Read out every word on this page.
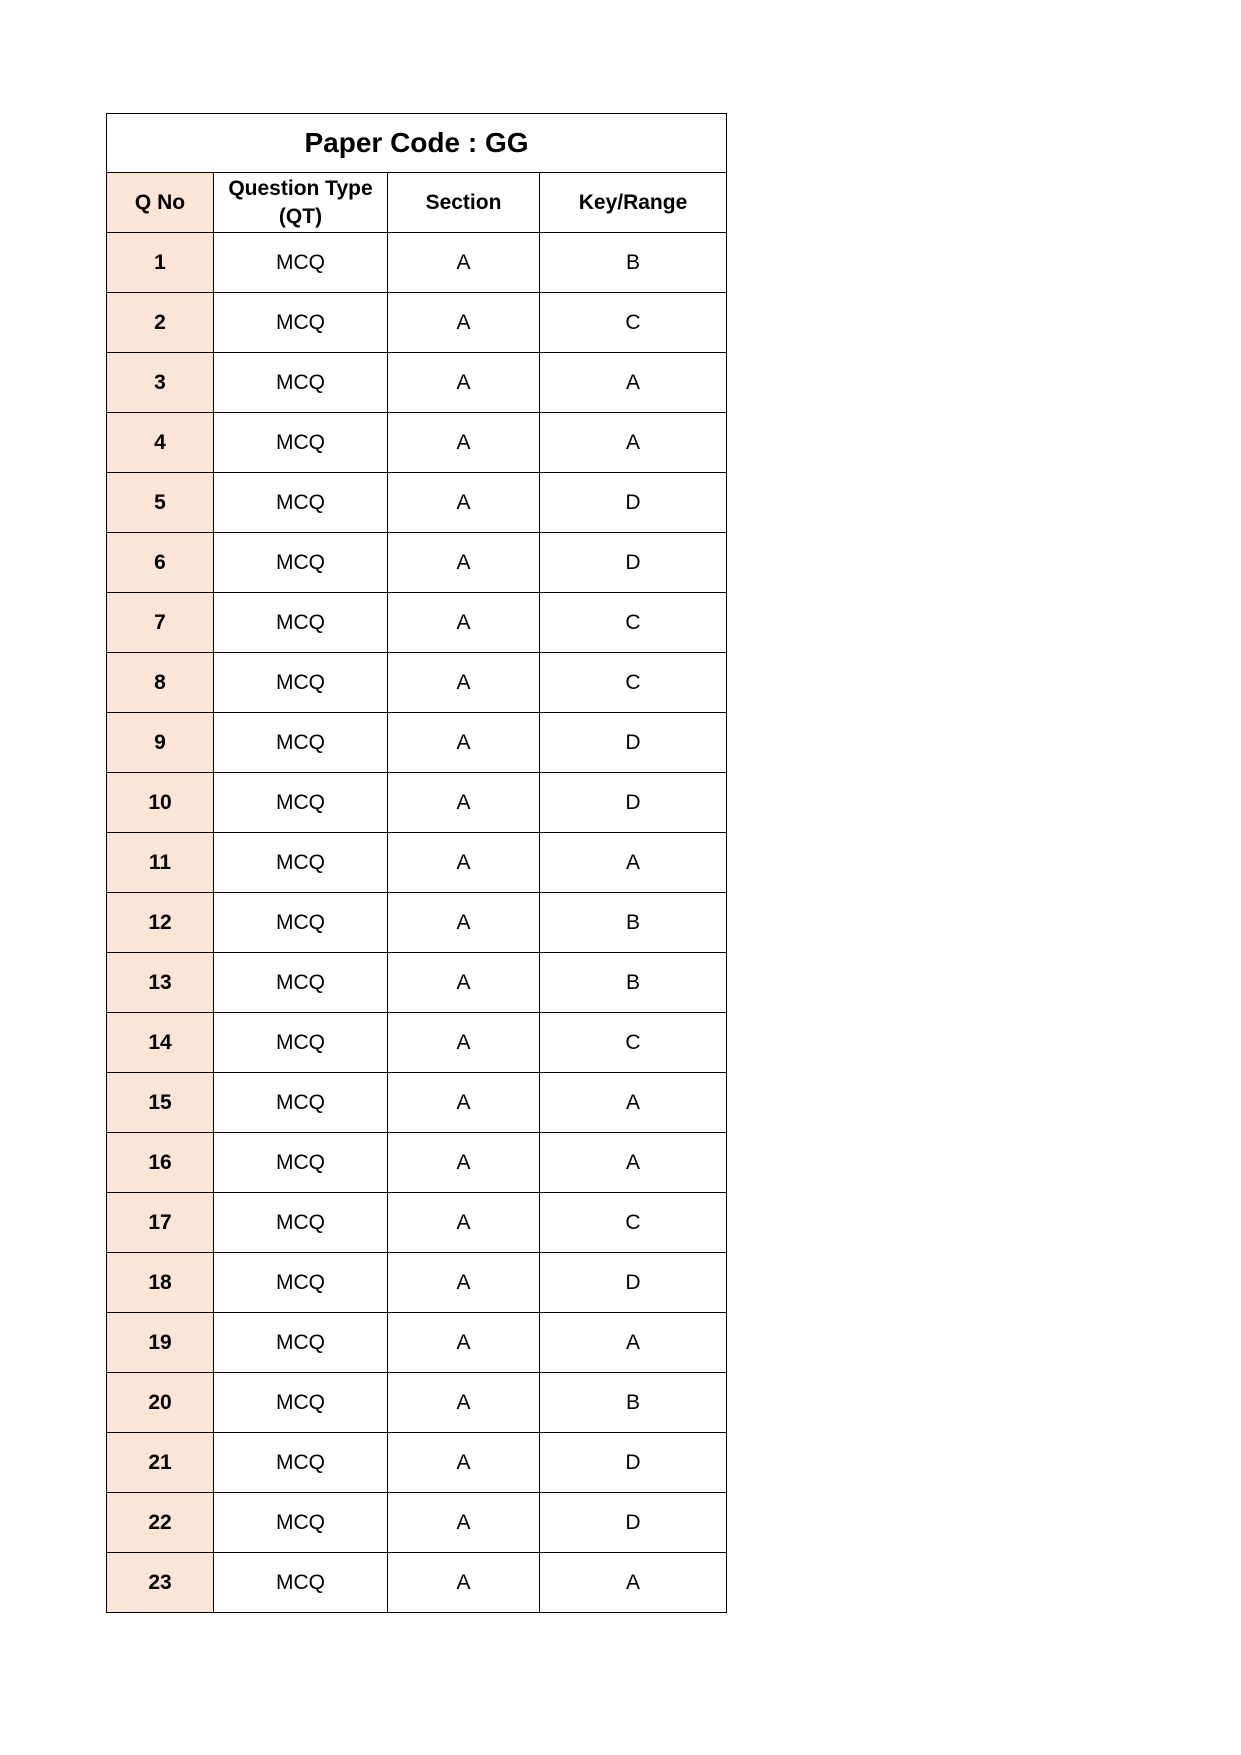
Paper Code : GG			
Q No	Question Type (QT)	Section	Key/Range
1	MCQ	A	B
2	MCQ	A	C
3	MCQ	A	A
4	MCQ	A	A
5	MCQ	A	D
6	MCQ	A	D
7	MCQ	A	C
8	MCQ	A	C
9	MCQ	A	D
10	MCQ	A	D
11	MCQ	A	A
12	MCQ	A	B
13	MCQ	A	B
14	MCQ	A	C
15	MCQ	A	A
16	MCQ	A	A
17	MCQ	A	C
18	MCQ	A	D
19	MCQ	A	A
20	MCQ	A	B
21	MCQ	A	D
22	MCQ	A	D
23	MCQ	A	A
